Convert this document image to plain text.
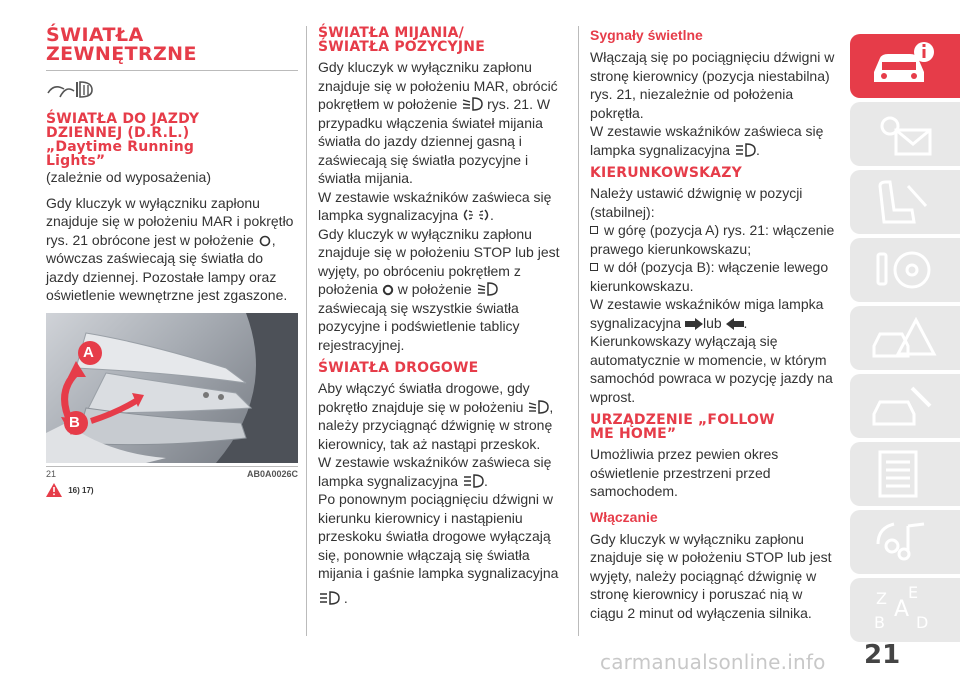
ŚWIATŁA
ZEWNĘTRZNE
ŚWIATŁA DO JAZDY
DZIENNEJ (D.R.L.)
„Daytime Running
Lights”

(zależnie od wyposażenia)

Gdy kluczyk w wyłączniku zapłonu znajduje się w położeniu MAR i pokrętło rys. 21 obrócone jest w położenie , wówczas zaświecają się światła do jazdy dziennej. Pozostałe lampy oraz oświetlenie wewnętrzne jest zgaszone.

A
B
21	AB0A0026C
16) 17)
ŚWIATŁA MIJANIA/
ŚWIATŁA POZYCYJNE

Gdy kluczyk w wyłączniku zapłonu znajduje się w położeniu MAR, obrócić pokrętłem w położenie rys. 21. W przypadku włączenia świateł mijania światła do jazdy dziennej gasną i zaświecają się światła pozycyjne i światła mijania.

W zestawie wskaźników zaświeca się lampka sygnalizacyjna .

Gdy kluczyk w wyłączniku zapłonu znajduje się w położeniu STOP lub jest wyjęty, po obróceniu pokrętłem z położenia w położenie
zaświecają się wszystkie światła pozycyjne i podświetlenie tablicy rejestracyjnej.

ŚWIATŁA DROGOWE

Aby włączyć światła drogowe, gdy pokrętło znajduje się w położeniu , należy przyciągnąć dźwignię w stronę kierownicy, tak aż nastąpi przeskok.

W zestawie wskaźników zaświeca się lampka sygnalizacyjna .

Po ponownym pociągnięciu dźwigni w kierunku kierownicy i nastąpieniu przeskoku światła drogowe wyłączają się, ponownie włączają się światła mijania i gaśnie lampka sygnalizacyjna
.

Sygnały świetlne

Włączają się po pociągnięciu dźwigni w stronę kierownicy (pozycja niestabilna) rys. 21, niezależnie od położenia pokrętła.

W zestawie wskaźników zaświeca się lampka sygnalizacyjna .

KIERUNKOWSKAZY

Należy ustawić dźwignię w pozycji (stabilnej):

w górę (pozycja A) rys. 21: włączenie prawego kierunkowskazu;

w dół (pozycja B): włączenie lewego kierunkowskazu.

W zestawie wskaźników miga lampka sygnalizacyjna lub .

Kierunkowskazy wyłączają się automatycznie w momencie, w którym samochód powraca w pozycję jazdy na wprost.

URZĄDZENIE „FOLLOW
ME HOME”

Umożliwia przez pewien okres oświetlenie przestrzeni przed samochodem.

Włączanie

Gdy kluczyk w wyłączniku zapłonu znajduje się w położeniu STOP lub jest wyjęty, należy pociągnąć dźwignię w stronę kierownicy i poruszać nią w ciągu 2 minut od wyłączenia silnika.

Z E
A
B D
21
carmanualsonline.info
